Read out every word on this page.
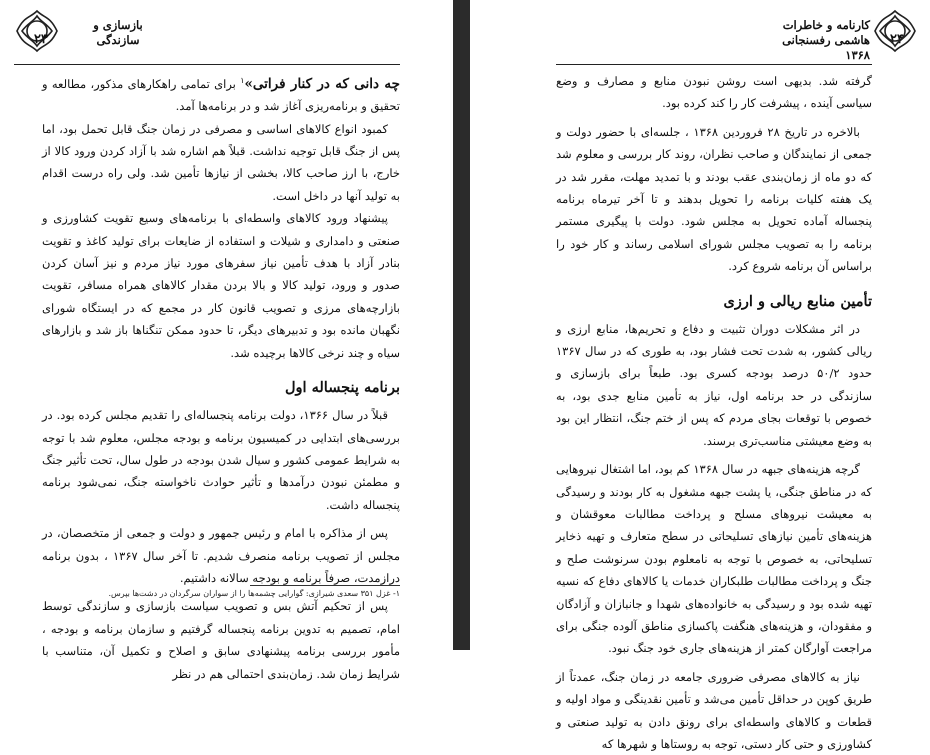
۲۳
بازسازی و
سازندگی

چه دانی که در کنار فراتی»$^۱$ برای تمامی راهکارهای مذکور، مطالعه و تحقیق و برنامه‌ریزی آغاز شد و در برنامه‌ها آمد.

کمبود انواع کالاهای اساسی و مصرفی در زمان جنگ قابل تحمل بود، اما پس از جنگ قابل توجیه نداشت. قبلاً هم اشاره شد با آزاد کردن ورود کالا از خارج، با ارز صاحب کالا، بخشی از نیازها تأمین شد. ولی راه درست اقدام به تولید آنها در داخل است.

پیشنهاد ورود کالاهای واسطه‌ای با برنامه‌های وسیع تقویت کشاورزی و صنعتی و دامداری و شیلات و استفاده از ضایعات برای تولید کاغذ و تقویت بنادر آزاد با هدف تأمین نیاز سفرهای مورد نیاز مردم و نیز آسان کردن صدور و ورود، تولید کالا و بالا بردن مقدار کالاهای همراه مسافر، تقویت بازارچه‌های مرزی و تصویب قانون کار در مجمع که در ایستگاه شورای نگهبان مانده بود و تدبیرهای دیگر، تا حدود ممکن تنگناها باز شد و بازارهای سیاه و چند نرخی کالاها برچیده شد.

برنامه پنجساله اول

قبلاً در سال ۱۳۶۶، دولت برنامه پنجساله‌ای را تقدیم مجلس کرده بود. در بررسی‌های ابتدایی در کمیسیون برنامه و بودجه مجلس، معلوم شد با توجه به شرایط عمومی کشور و سیال شدن بودجه در طول سال، تحت تأثیر جنگ و مطمئن نبودن درآمدها و تأثیر حوادث ناخواسته جنگ، نمی‌شود برنامه پنجساله داشت.

پس از مذاکره با امام و رئیس جمهور و دولت و جمعی از متخصصان، در مجلس از تصویب برنامه منصرف شدیم. تا آخر سال ۱۳۶۷ ، بدون برنامه درازمدت، صرفاً برنامه و بودجه سالانه داشتیم.

پس از تحکیم آتش بس و تصویب سیاست بازسازی و سازندگی توسط امام، تصمیم به تدوین برنامه پنجساله گرفتیم و سازمان برنامه و بودجه ، مأمور بررسی برنامه پیشنهادی سابق و اصلاح و تکمیل آن، متناسب با شرایط زمان شد. زمان‌بندی احتمالی هم در نظر

۱- غزل ۳۵۱ سعدی شیرازی: گوارایی چشمه‌ها را از سواران سرگردان در دشت‌ها بپرس.
کارنامه و خاطرات
هاشمی رفسنجانی ۱۳۶۸
۲۴

گرفته شد. بدیهی است روشن نبودن منابع و مصارف و وضع سیاسی آینده ، پیشرفت کار را کند کرده بود.

بالاخره در تاریخ ۲۸ فروردین ۱۳۶۸ ، جلسه‌ای با حضور دولت و جمعی از نمایندگان و صاحب نظران، روند کار بررسی و معلوم شد که دو ماه از زمان‌بندی عقب بودند و با تمدید مهلت، مقرر شد در یک هفته کلیات برنامه را تحویل بدهند و تا آخر تیرماه برنامه پنجساله آماده تحویل به مجلس شود. دولت با پیگیری مستمر برنامه را به تصویب مجلس شورای اسلامی رساند و کار خود را براساس آن برنامه شروع کرد.

تأمین منابع ریالی و ارزی

در اثر مشکلات دوران تثبیت و دفاع و تحریم‌ها، منابع ارزی و ریالی کشور، به شدت تحت فشار بود، به طوری که در سال ۱۳۶۷ حدود ۵۰/۲ درصد بودجه کسری بود. طبعاً برای بازسازی و سازندگی در حد برنامه اول، نیاز به تأمین منابع جدی بود، به خصوص با توقعات بجای مردم که پس از ختم جنگ، انتظار این بود به وضع معیشتی مناسب‌تری برسند.

گرچه هزینه‌های جبهه در سال ۱۳۶۸ کم بود، اما اشتغال نیروهایی که در مناطق جنگی، یا پشت جبهه مشغول به کار بودند و رسیدگی به معیشت نیروهای مسلح و پرداخت مطالبات معوقشان و هزینه‌های تأمین نیازهای تسلیحاتی در سطح متعارف و تهیه ذخایر تسلیحاتی، به خصوص با توجه به نامعلوم بودن سرنوشت صلح و جنگ و پرداخت مطالبات طلبکاران خدمات یا کالاهای دفاع که نسیه تهیه شده بود و رسیدگی به خانواده‌های شهدا و جانبازان و آزادگان و مفقودان، و هزینه‌های هنگفت پاکسازی مناطق آلوده جنگی برای مراجعت آوارگان کمتر از هزینه‌های جاری خود جنگ نبود.

نیاز به کالاهای مصرفی ضروری جامعه در زمان جنگ، عمدتاً از طریق کوپن در حداقل تأمین می‌شد و تأمین نقدینگی و مواد اولیه و قطعات و کالاهای واسطه‌ای برای رونق دادن به تولید صنعتی و کشاورزی و حتی کار دستی، توجه به روستاها و شهرها که
